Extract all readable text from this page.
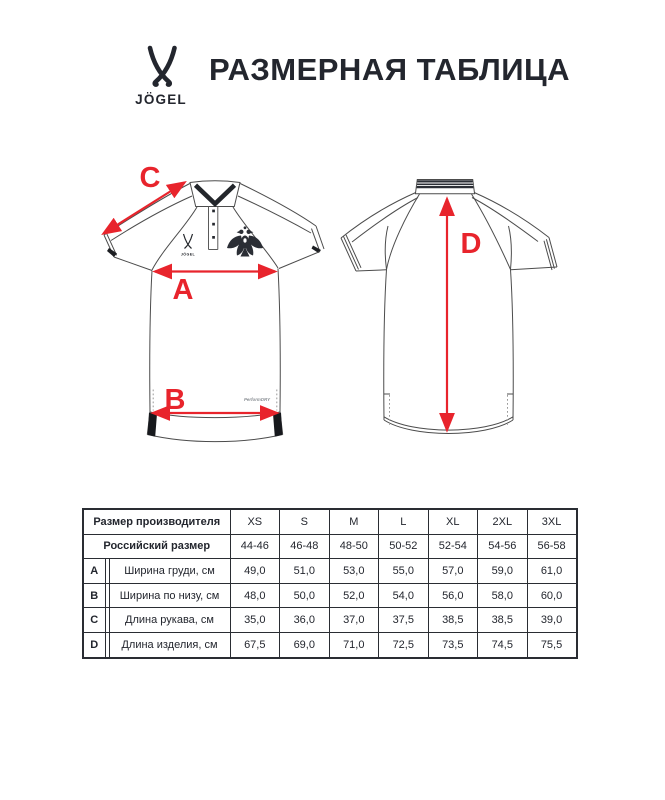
JÖGEL
РАЗМЕРНАЯ ТАБЛИЦА
JÖGEL
PerformDRY
A
B
C
D
Размер производителя			XS	S	M	L	XL	2XL	3XL
Российский размер			44-46	46-48	48-50	50-52	52-54	54-56	56-58
A		Ширина груди, см	49,0	51,0	53,0	55,0	57,0	59,0	61,0
B		Ширина по низу, см	48,0	50,0	52,0	54,0	56,0	58,0	60,0
C		Длина рукава, см	35,0	36,0	37,0	37,5	38,5	38,5	39,0
D		Длина изделия, см	67,5	69,0	71,0	72,5	73,5	74,5	75,5
